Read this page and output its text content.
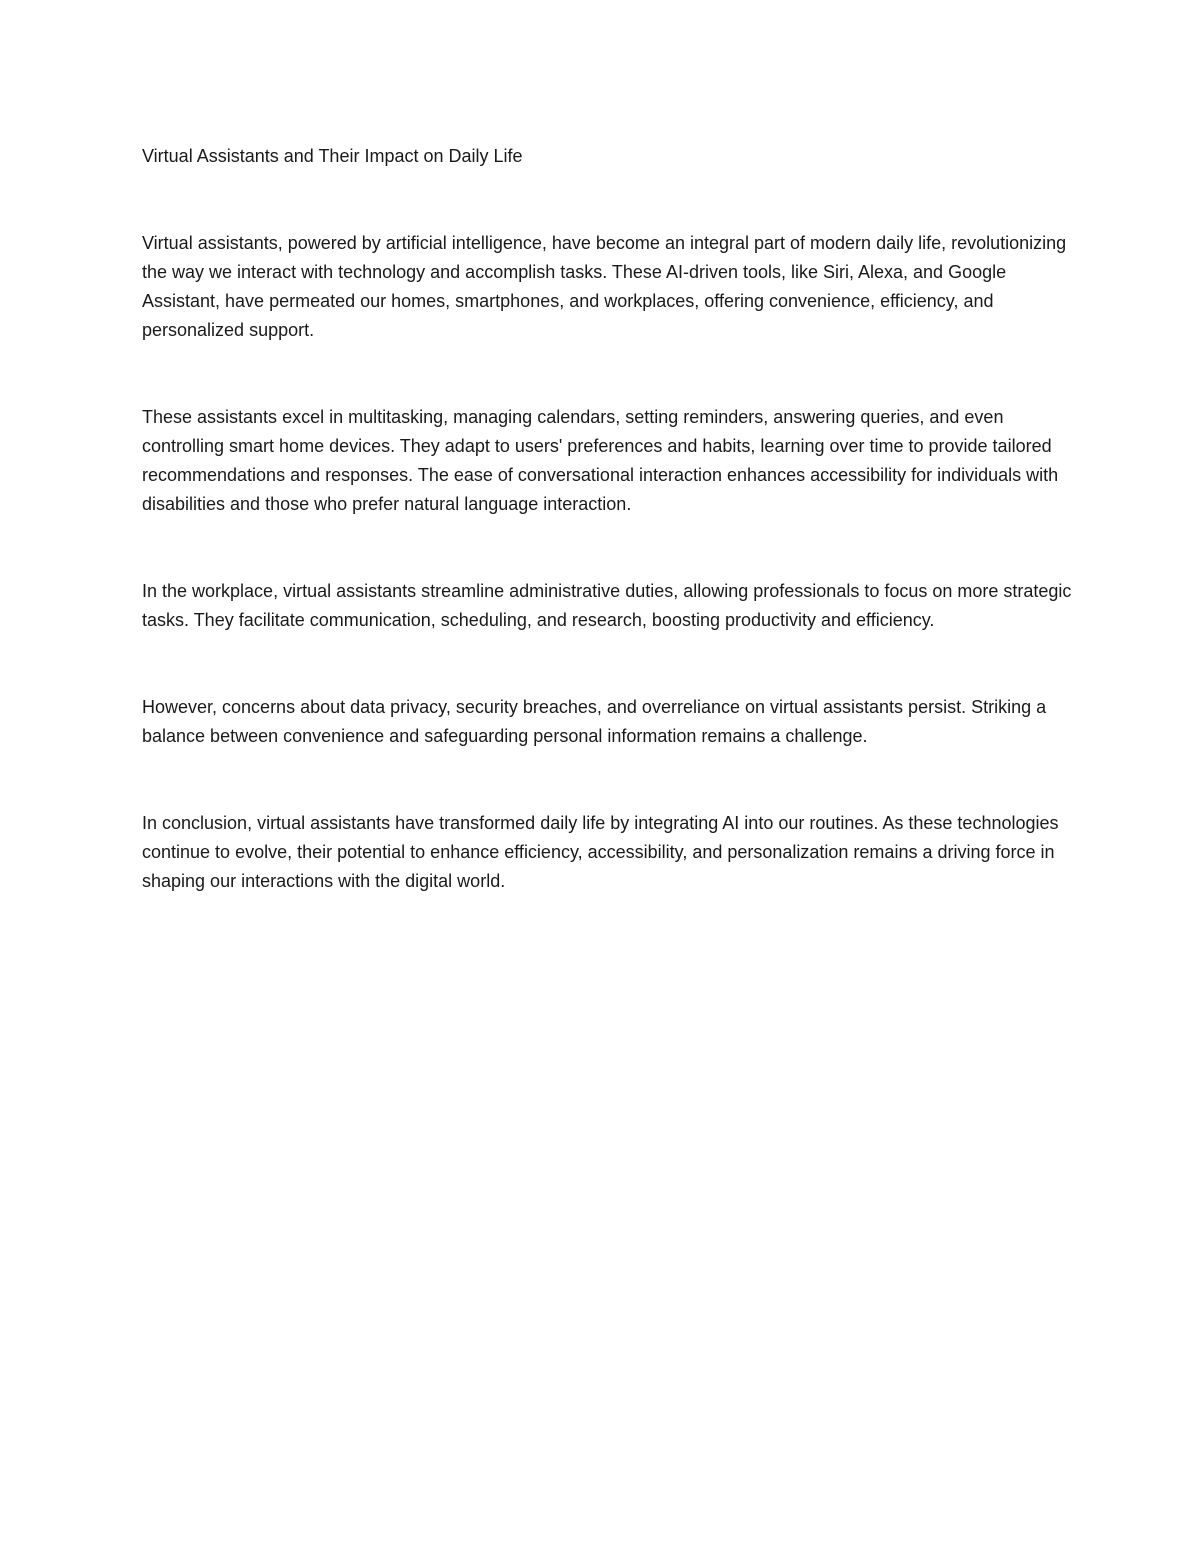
Virtual Assistants and Their Impact on Daily Life

Virtual assistants, powered by artificial intelligence, have become an integral part of modern daily life, revolutionizing the way we interact with technology and accomplish tasks. These AI-driven tools, like Siri, Alexa, and Google Assistant, have permeated our homes, smartphones, and workplaces, offering convenience, efficiency, and personalized support.

These assistants excel in multitasking, managing calendars, setting reminders, answering queries, and even controlling smart home devices. They adapt to users' preferences and habits, learning over time to provide tailored recommendations and responses. The ease of conversational interaction enhances accessibility for individuals with disabilities and those who prefer natural language interaction.

In the workplace, virtual assistants streamline administrative duties, allowing professionals to focus on more strategic tasks. They facilitate communication, scheduling, and research, boosting productivity and efficiency.

However, concerns about data privacy, security breaches, and overreliance on virtual assistants persist. Striking a balance between convenience and safeguarding personal information remains a challenge.

In conclusion, virtual assistants have transformed daily life by integrating AI into our routines. As these technologies continue to evolve, their potential to enhance efficiency, accessibility, and personalization remains a driving force in shaping our interactions with the digital world.
